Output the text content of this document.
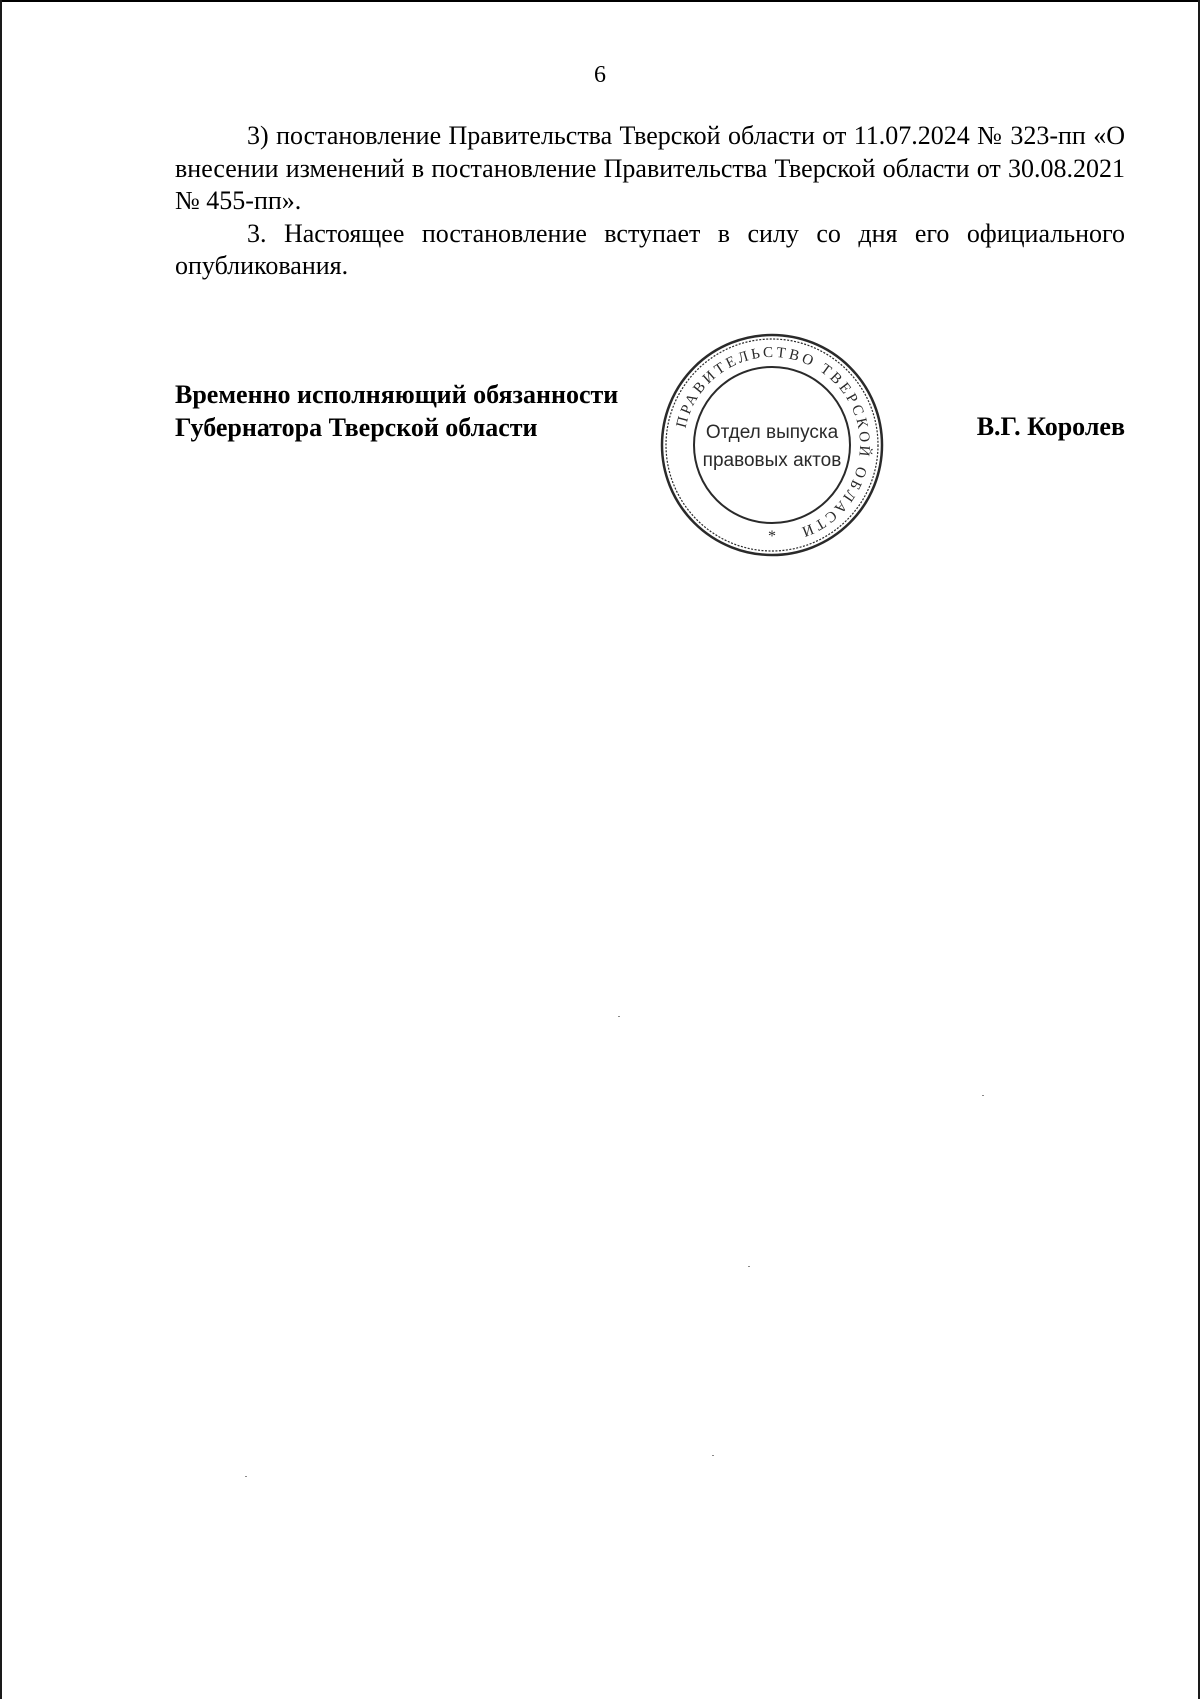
6

3) постановление Правительства Тверской области от 11.07.2024 № 323-пп «О внесении изменений в постановление Правительства Тверской области от 30.08.2021 № 455-пп».

3. Настоящее постановление вступает в силу со дня его официального опубликования.

Временно исполняющий обязанности
Губернатора Тверской области	В.Г. Королев
ПРАВИТЕЛЬСТВО ТВЕРСКОЙ ОБЛАСТИ
Отдел выпуска
правовых актов
*
